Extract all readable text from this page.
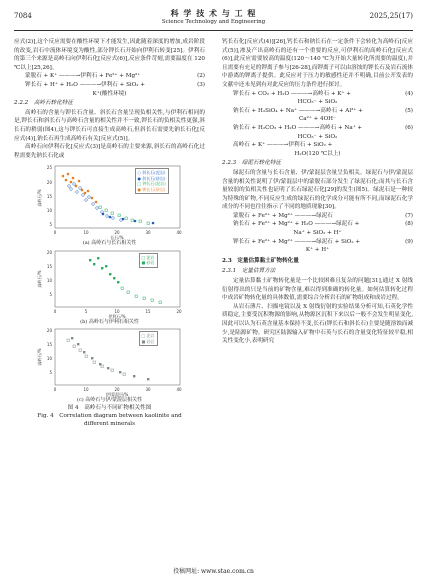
7084	科 学 技 术 与 工 程
Science Technology and Engineering
2025,25(17)

应式(2)],这个反应需要在酸性环境下才能发生,因此随着深度的增加,成岩阶段的改变,岩石中流体环境变为酸性,部分钾长石开始向伊利石转变[25]。伊利石的第三个来源是高岭石向伊利石化[反应式(6)],反应条件苛刻,需要温度在 120 ℃以上[25,26]。

蒙脱石 + K⁺ ———→伊利石 + Fe²⁺ + Mg²⁺	(2)
钾长石 + H⁺ + H₂O ———→伊利石 + SiO₂ +	(3)
K⁺(酸性环境)
2.2.2　高岭石转化特征

高岭石的含量与钾长石含量、斜长石含量呈现负相关性,与伊利石相同的是,钾长石和斜长石与高岭石含量的相关性并不一致,钾长石的负相关性更强,斜长石的稍弱(图4),这与钾长石可直接生成高岭石,但斜长石需要先钠长石化[反应式(4)],钠长石再生成高岭石有关[反应式(5)]。

高岭石向伊利石化[反应式(3)]是高岭石的主要来源,斜长石的高岭石化过程需要先钠长石化或

25
20
15
10
5
0	10	20	30	40
长石/%
高岭石/%
○ 斜长石(泥岩)
● 斜长石(砂岩)
□ 钾长石(泥岩)
● 钾长石(砂岩)
(a) 高岭石与长石相关性
20
15
10
5
0	5	10	15	20
伊利石/%
高岭石/%
□ 泥岩
■ 砂岩
(b) 高岭石与伊利石相关性
20
15
10
5
0	10	20	30	40
伊/蒙混层/%
高岭石/%
□ 泥岩
■ 砂岩
(c) 高岭石与伊/蒙混层相关性
图 4　高岭石与不同矿物相关性图
Fig. 4　Correlation diagram between kaolinite and
different minerals

钙长石化[反应式(4)][26],钙长石和钠长石在一定条件下会转化为高岭石[反应式(5)],渗及产出高岭石的还有一个重要的反应,可伊利石的高岭石化[反应式(6)],此反应需要较高的温度(120～140 ℃为开始大量转化所需要的温度),并且需要有充足的钾离子参与[26-28],而钾离子可以由溶蚀的钾长石及岩石流体中游离的钾离子提供。此反应对于压力的敏感性还并不明确,目前公开发表的文献中还未见到有对此反应的压力条件进行探讨。

钾长石 + CO₂ + H₂O ———→高岭石 + K⁺ +	(4)
HCO₃⁻ + SiO₂
钠长石 + H₂SiO₄ + Na⁺ ———→高岭石 + Al³⁺ +	(5)
Ca²⁺ + 4OH⁻
钠长石 + H₂CO₃ + H₂O ———→高岭石 + Na⁺ +	(6)
HCO₃⁻ + SiO₂
高岭石 + K⁺ ———→伊利石 + SiO₂ +
H₂O(120 ℃以上)
2.2.3　绿泥石转化特征

绿泥石的含量与长石含量、伊/蒙混层含量呈负相关。绿泥石与伊/蒙混层含量的相关性说明了伊/蒙混层中的蒙脱石部分发生了绿泥石化;而其与长石含量较弱的负相关性也证明了长石绿泥石化[29]的发生(图5)。绿泥石是一种较为特殊的矿物,不同反应生成的绿泥石的化学成分可能有所不同,而绿泥石化学成分的不同也往往指示了不同的地质现象[30]。

蒙脱石 + Fe²⁺ + Mg²⁺ ———→绿泥石	(7)
钠长石 + Fe²⁺ + Mg²⁺ + H₂O ———→绿泥石 +	(8)
Na⁺ + SiO₂ + H⁺
钾长石 + Fe²⁺ + Mg²⁺ ———→绿泥石 + SiO₂ +	(9)
K⁺ + H⁺
2.3　定量估算黏土矿物转化量
2.3.1　定量估算方法

定量估算黏土矿物转化量是一个比较困难且复杂的问题[31],通过 X 射线衍射得出的只是当前的矿物含量,难以得到准确的转化量。如何估算转化过程中成岩矿物转化量的具体数值,需要综合分析岩石的矿物组成和成岩过程。

从岩石薄片、扫描电镜以及 X 射线衍射的实验结果分析可知,石英化学性质稳定,主要受沉积物源的影响,从物源区沉积下来以后一般不会发生明显变化,因此可以认为石英含量基本保持不变,长石(钾长石和斜长石)主要是随溶蚀而减少,是陆源矿物。研究区陆源输入矿物中石英与长石的含量变化特征较平稳,相关性变化小,表明研究

投稿网址: www.stae.com.cn
